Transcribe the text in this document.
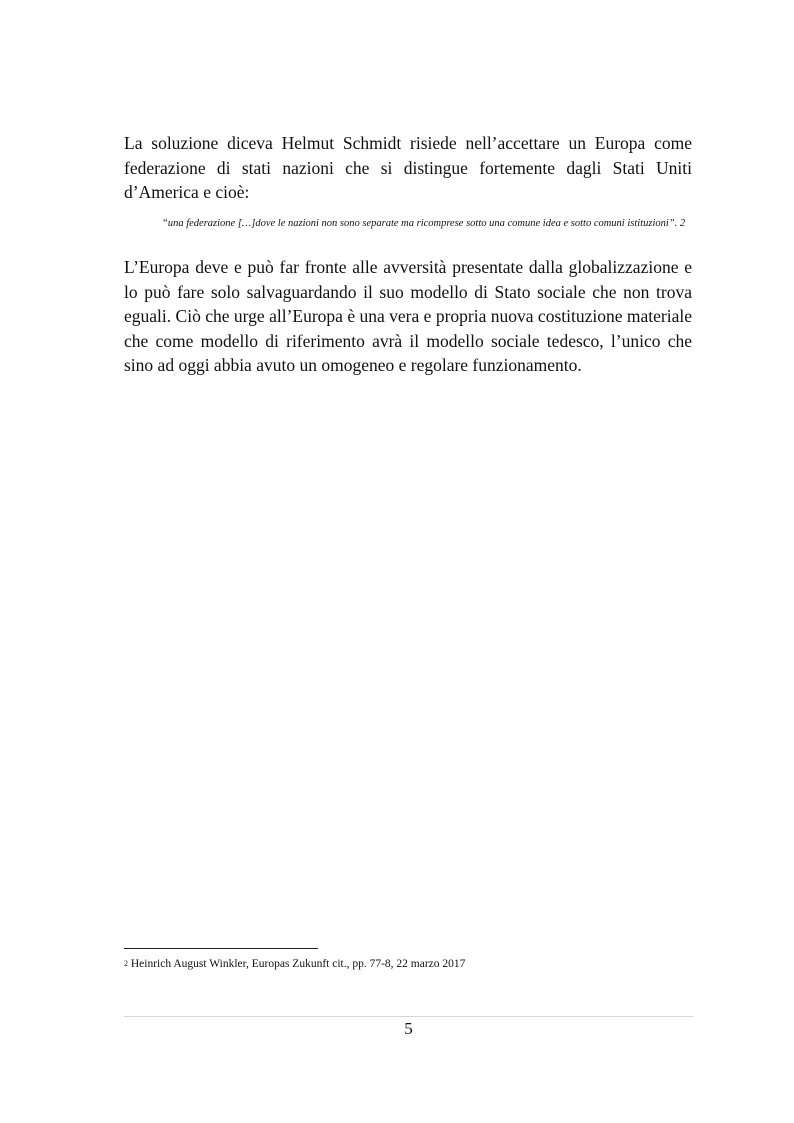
La soluzione diceva Helmut Schmidt risiede nell’accettare un Europa come federazione di stati nazioni che si distingue fortemente dagli Stati Uniti d’America e cioè:

“una federazione […]dove le nazioni non sono separate ma ricomprese sotto una comune idea e sotto comuni istituzioni”. 2

L’Europa deve e può far fronte alle avversità presentate dalla globalizzazione e lo può fare solo salvaguardando il suo modello di Stato sociale che non trova eguali. Ciò che urge all’Europa è una vera e propria nuova costituzione materiale che come modello di riferimento avrà il modello sociale tedesco, l’unico che sino ad oggi abbia avuto un omogeneo e regolare funzionamento.

$^2$ Heinrich August Winkler, Europas Zukunft cit., pp. 77-8, 22 marzo 2017

5
